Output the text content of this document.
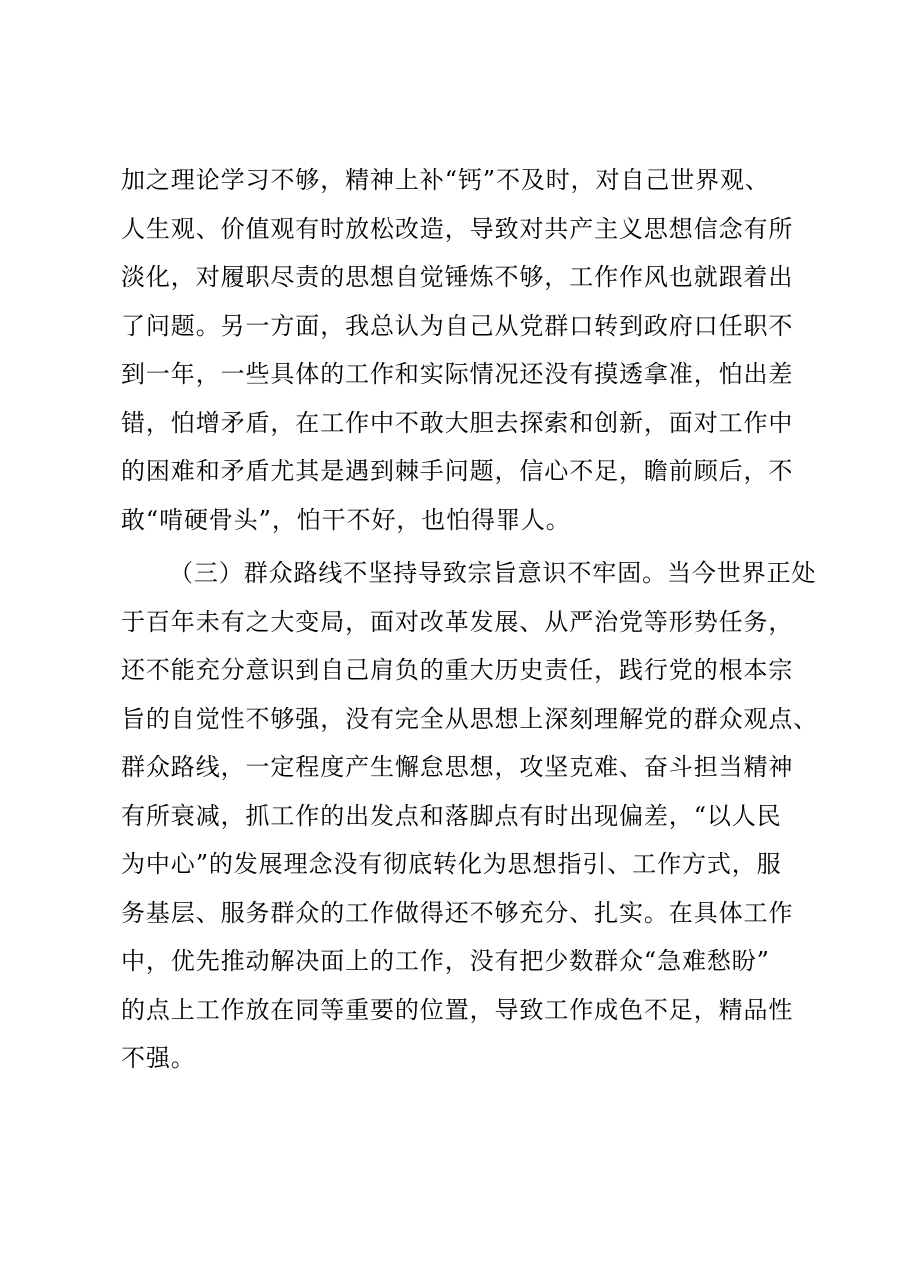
加之理论学习不够，精神上补“钙”不及时，对自己世界观、
人生观、价值观有时放松改造，导致对共产主义思想信念有所
淡化，对履职尽责的思想自觉锤炼不够，工作作风也就跟着出
了问题。另一方面，我总认为自己从党群口转到政府口任职不
到一年，一些具体的工作和实际情况还没有摸透拿准，怕出差
错，怕增矛盾，在工作中不敢大胆去探索和创新，面对工作中
的困难和矛盾尤其是遇到棘手问题，信心不足，瞻前顾后，不
敢“啃硬骨头”，怕干不好，也怕得罪人。
（三）群众路线不坚持导致宗旨意识不牢固。当今世界正处
于百年未有之大变局，面对改革发展、从严治党等形势任务，
还不能充分意识到自己肩负的重大历史责任，践行党的根本宗
旨的自觉性不够强，没有完全从思想上深刻理解党的群众观点、
群众路线，一定程度产生懈怠思想，攻坚克难、奋斗担当精神
有所衰减，抓工作的出发点和落脚点有时出现偏差，“以人民
为中心”的发展理念没有彻底转化为思想指引、工作方式，服
务基层、服务群众的工作做得还不够充分、扎实。在具体工作
中，优先推动解决面上的工作，没有把少数群众“急难愁盼”
的点上工作放在同等重要的位置，导致工作成色不足，精品性
不强。
